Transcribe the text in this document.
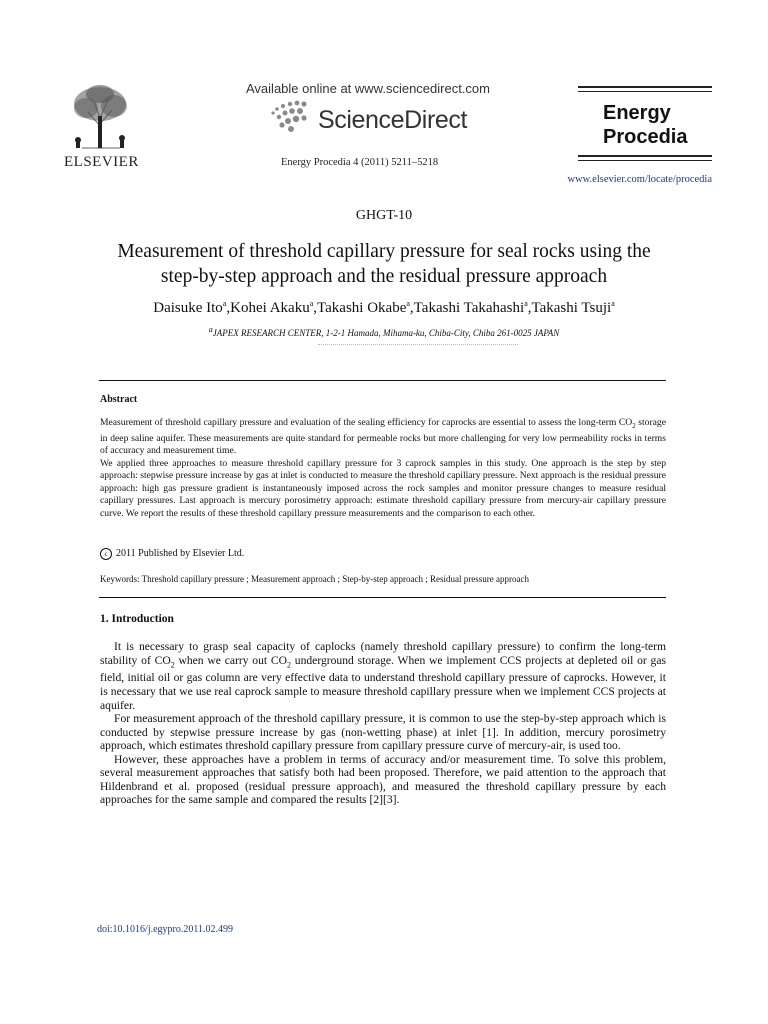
ELSEVIER
Available online at www.sciencedirect.com
ScienceDirect
Energy Procedia 4 (2011) 5211–5218
Energy
Procedia
www.elsevier.com/locate/procedia
GHGT-10
Measurement of threshold capillary pressure for seal rocks using the
step-by-step approach and the residual pressure approach
Daisuke Ito$^a$,Kohei Akaku$^a$,Takashi Okabe$^a$,Takashi Takahashi$^a$,Takashi Tsuji$^a$
$^a$JAPEX RESEARCH CENTER, 1-2-1 Hamada, Mihama-ku, Chiba-City, Chiba 261-0025 JAPAN
Abstract

Measurement of threshold capillary pressure and evaluation of the sealing efficiency for caprocks are essential to assess the long-term $CO_2$ storage in deep saline aquifer. These measurements are quite standard for permeable rocks but more challenging for very low permeability rocks in terms of accuracy and measurement time.

We applied three approaches to measure threshold capillary pressure for 3 caprock samples in this study. One approach is the step by step approach: stepwise pressure increase by gas at inlet is conducted to measure the threshold capillary pressure. Next approach is the residual pressure approach: high gas pressure gradient is instantaneously imposed across the rock samples and monitor pressure changes to measure residual capillary pressures. Last approach is mercury porosimetry approach: estimate threshold capillary pressure from mercury-air capillary pressure curve. We report the results of these threshold capillary pressure measurements and the comparison to each other.

c 2011 Published by Elsevier Ltd.
Keywords: Threshold capillary pressure ; Measurement approach ; Step-by-step approach ; Residual pressure approach
1. Introduction

It is necessary to grasp seal capacity of caplocks (namely threshold capillary pressure) to confirm the long-term stability of $CO_2$ when we carry out $CO_2$ underground storage. When we implement CCS projects at depleted oil or gas field, initial oil or gas column are very effective data to understand threshold capillary pressure of caprocks. However, it is necessary that we use real caprock sample to measure threshold capillary pressure when we implement CCS projects at aquifer.

For measurement approach of the threshold capillary pressure, it is common to use the step-by-step approach which is conducted by stepwise pressure increase by gas (non-wetting phase) at inlet [1]. In addition, mercury porosimetry approach, which estimates threshold capillary pressure from capillary pressure curve of mercury-air, is used too.

However, these approaches have a problem in terms of accuracy and/or measurement time. To solve this problem, several measurement approaches that satisfy both had been proposed. Therefore, we paid attention to the approach that Hildenbrand et al. proposed (residual pressure approach), and measured the threshold capillary pressure by each approaches for the same sample and compared the results [2][3].

doi:10.1016/j.egypro.2011.02.499
